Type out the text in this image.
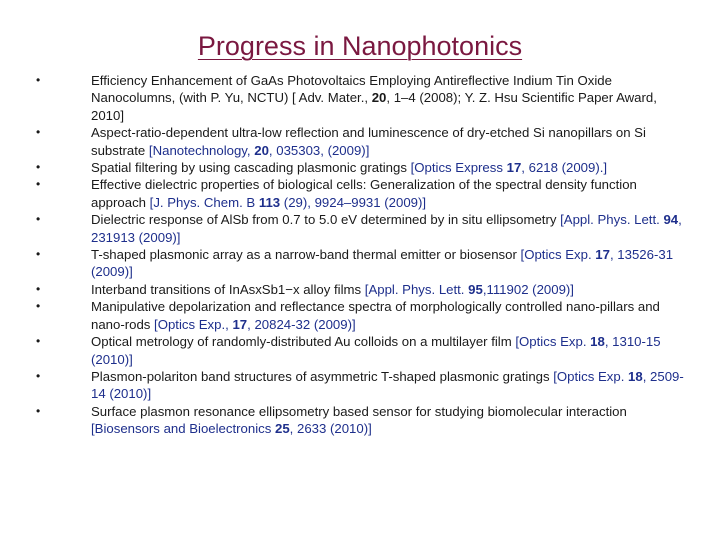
Progress in Nanophotonics
•	Efficiency Enhancement of GaAs Photovoltaics Employing Antireflective Indium Tin Oxide Nanocolumns, (with P. Yu, NCTU) [ Adv. Mater., 20, 1–4 (2008); Y. Z. Hsu Scientific Paper Award, 2010]
•	Aspect-ratio-dependent ultra-low reflection and luminescence of dry-etched Si nanopillars on Si substrate [Nanotechnology, 20, 035303, (2009)]
•	Spatial filtering by using cascading plasmonic gratings [Optics Express 17, 6218 (2009).]
•	Effective dielectric properties of biological cells: Generalization of the spectral density function approach [J. Phys. Chem. B 113 (29), 9924–9931 (2009)]
•	Dielectric response of AlSb from 0.7 to 5.0 eV determined by in situ ellipsometry [Appl. Phys. Lett. 94, 231913 (2009)]
•	T-shaped plasmonic array as a narrow-band thermal emitter or biosensor [Optics Exp. 17, 13526-31 (2009)]
•	Interband transitions of InAsxSb1−x alloy films [Appl. Phys. Lett. 95,111902 (2009)]
•	Manipulative depolarization and reflectance spectra of morphologically controlled nano-pillars and nano-rods [Optics Exp., 17, 20824-32 (2009)]
•	Optical metrology of randomly-distributed Au colloids on a multilayer film [Optics Exp. 18, 1310-15 (2010)]
•	Plasmon-polariton band structures of asymmetric T-shaped plasmonic gratings [Optics Exp. 18, 2509-14 (2010)]
•	Surface plasmon resonance ellipsometry based sensor for studying biomolecular interaction [Biosensors and Bioelectronics 25, 2633 (2010)]
